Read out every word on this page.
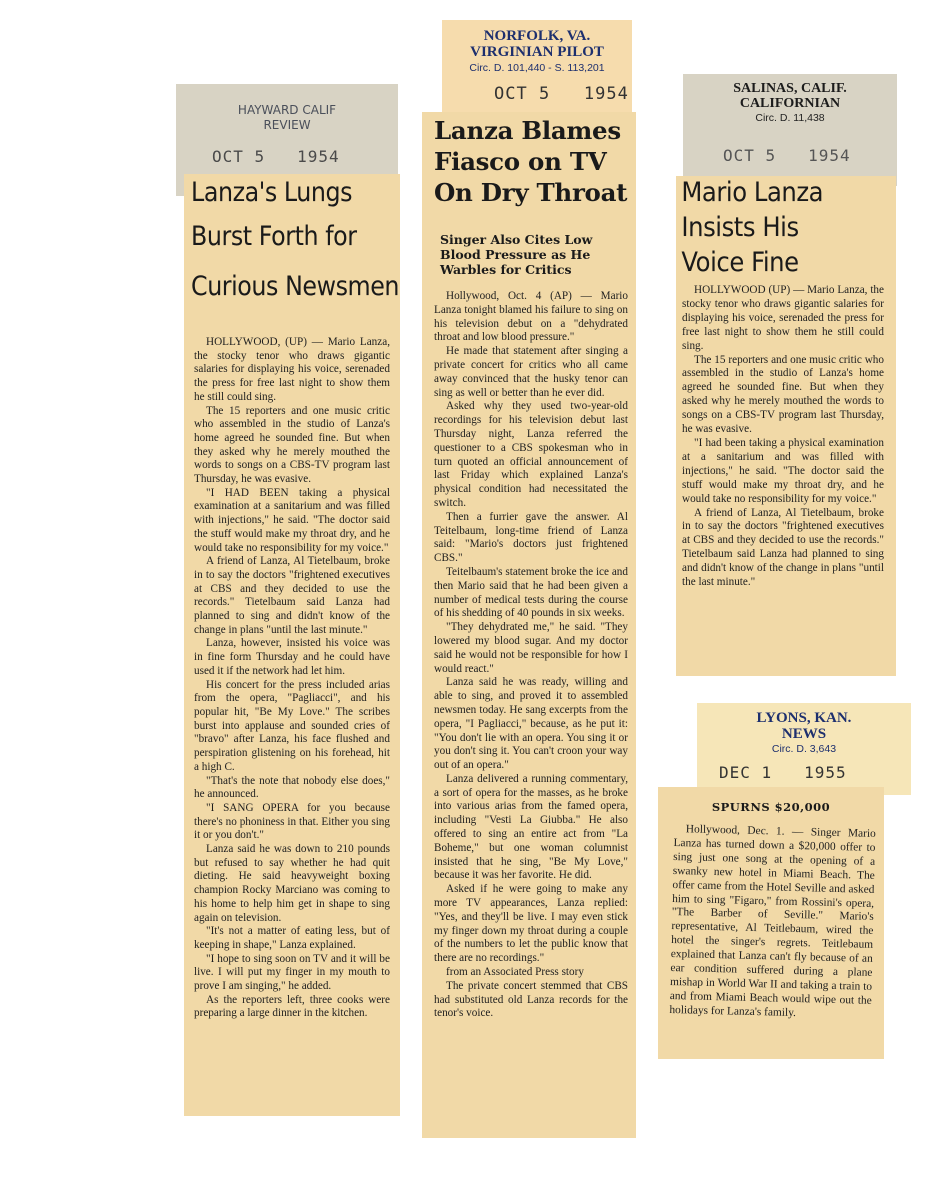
HAYWARD CALIF
REVIEW
OCT 5   1954
Lanza's Lungs
Burst Forth for
Curious Newsmen

HOLLYWOOD, (UP) — Mario Lanza, the stocky tenor who draws gigantic salaries for displaying his voice, serenaded the press for free last night to show them he still could sing.

The 15 reporters and one music critic who assembled in the studio of Lanza's home agreed he sounded fine. But when they asked why he merely mouthed the words to songs on a CBS-TV program last Thursday, he was evasive.

"I HAD BEEN taking a physical examination at a sanitarium and was filled with injections," he said. "The doctor said the stuff would make my throat dry, and he would take no responsibility for my voice."

A friend of Lanza, Al Tietelbaum, broke in to say the doctors "frightened executives at CBS and they decided to use the records." Tietelbaum said Lanza had planned to sing and didn't know of the change in plans "until the last minute."

Lanza, however, insisted his voice was in fine form Thursday and he could have used it if the network had let him.

His concert for the press included arias from the opera, "Pagliacci", and his popular hit, "Be My Love." The scribes burst into applause and sounded cries of "bravo" after Lanza, his face flushed and perspiration glistening on his forehead, hit a high C.

"That's the note that nobody else does," he announced.

"I SANG OPERA for you because there's no phoniness in that. Either you sing it or you don't."

Lanza said he was down to 210 pounds but refused to say whether he had quit dieting. He said heavyweight boxing champion Rocky Marciano was coming to his home to help him get in shape to sing again on television.

"It's not a matter of eating less, but of keeping in shape," Lanza explained.

"I hope to sing soon on TV and it will be live. I will put my finger in my mouth to prove I am singing," he added.

As the reporters left, three cooks were preparing a large dinner in the kitchen.

NORFOLK, VA.
VIRGINIAN PILOT
Circ. D. 101,440 - S. 113,201
OCT 5   1954
Lanza Blames
Fiasco on TV
On Dry Throat
Singer Also Cites Low Blood Pressure as He Warbles for Critics

Hollywood, Oct. 4 (AP) — Mario Lanza tonight blamed his failure to sing on his television debut on a "dehydrated throat and low blood pressure."

He made that statement after singing a private concert for critics who all came away convinced that the husky tenor can sing as well or better than he ever did.

Asked why they used two-year-old recordings for his television debut last Thursday night, Lanza referred the questioner to a CBS spokesman who in turn quoted an official announcement of last Friday which explained Lanza's physical condition had necessitated the switch.

Then a furrier gave the answer. Al Teitelbaum, long-time friend of Lanza said: "Mario's doctors just frightened CBS."

Teitelbaum's statement broke the ice and then Mario said that he had been given a number of medical tests during the course of his shedding of 40 pounds in six weeks.

"They dehydrated me," he said. "They lowered my blood sugar. And my doctor said he would not be responsible for how I would react."

Lanza said he was ready, willing and able to sing, and proved it to assembled newsmen today. He sang excerpts from the opera, "I Pagliacci," because, as he put it: "You don't lie with an opera. You sing it or you don't sing it. You can't croon your way out of an opera."

Lanza delivered a running commentary, a sort of opera for the masses, as he broke into various arias from the famed opera, including "Vesti La Giubba." He also offered to sing an entire act from "La Boheme," but one woman columnist insisted that he sing, "Be My Love," because it was her favorite. He did.

Asked if he were going to make any more TV appearances, Lanza replied: "Yes, and they'll be live. I may even stick my finger down my throat during a couple of the numbers to let the public know that there are no recordings."

from an Associated Press story

The private concert stemmed that CBS had substituted old Lanza records for the tenor's voice.

SALINAS, CALIF.
CALIFORNIAN
Circ. D. 11,438
OCT 5   1954
Mario Lanza
Insists His
Voice Fine

HOLLYWOOD (UP) — Mario Lanza, the stocky tenor who draws gigantic salaries for displaying his voice, serenaded the press for free last night to show them he still could sing.

The 15 reporters and one music critic who assembled in the studio of Lanza's home agreed he sounded fine. But when they asked why he merely mouthed the words to songs on a CBS-TV program last Thursday, he was evasive.

"I had been taking a physical examination at a sanitarium and was filled with injections," he said. "The doctor said the stuff would make my throat dry, and he would take no responsibility for my voice."

A friend of Lanza, Al Tietelbaum, broke in to say the doctors "frightened executives at CBS and they decided to use the records." Tietelbaum said Lanza had planned to sing and didn't know of the change in plans "until the last minute."

LYONS, KAN.
NEWS
Circ. D. 3,643
DEC 1   1955
SPURNS $20,000

Hollywood, Dec. 1. — Singer Mario Lanza has turned down a $20,000 offer to sing just one song at the opening of a swanky new hotel in Miami Beach. The offer came from the Hotel Seville and asked him to sing "Figaro," from Rossini's opera, "The Barber of Seville." Mario's representative, Al Teitlebaum, wired the hotel the singer's regrets. Teitlebaum explained that Lanza can't fly because of an ear condition suffered during a plane mishap in World War II and taking a train to and from Miami Beach would wipe out the holidays for Lanza's family.
